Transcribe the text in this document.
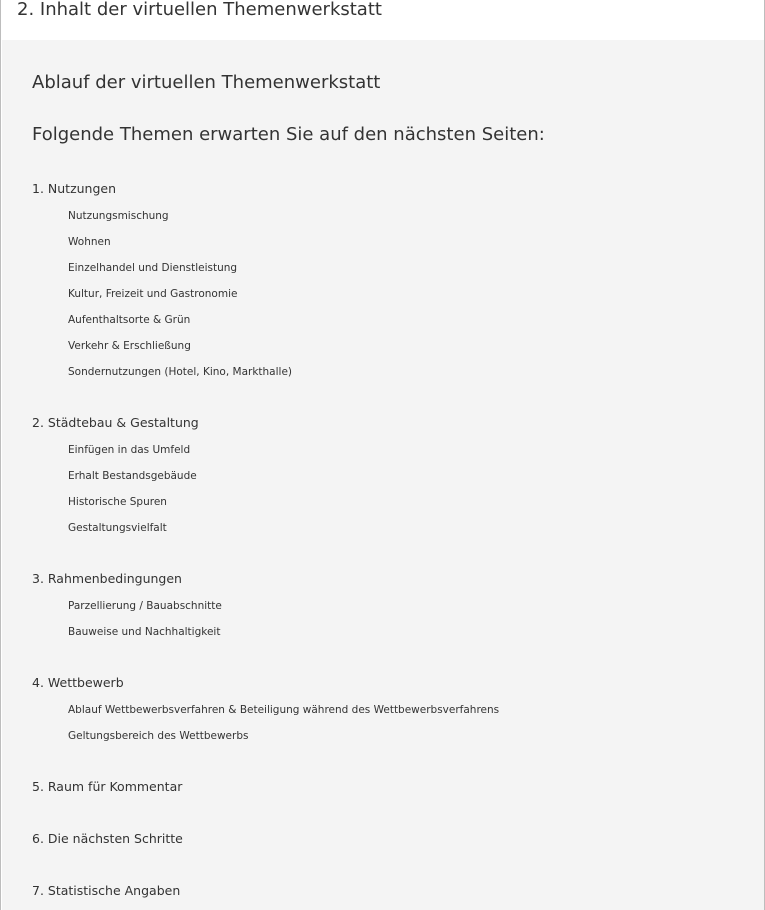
2. Inhalt der virtuellen Themenwerkstatt
Ablauf der virtuellen Themenwerkstatt
Folgende Themen erwarten Sie auf den nächsten Seiten:
1. Nutzungen
Nutzungsmischung
Wohnen
Einzelhandel und Dienstleistung
Kultur, Freizeit und Gastronomie
Aufenthaltsorte & Grün
Verkehr & Erschließung
Sondernutzungen (Hotel, Kino, Markthalle)
2. Städtebau & Gestaltung
Einfügen in das Umfeld
Erhalt Bestandsgebäude
Historische Spuren
Gestaltungsvielfalt
3. Rahmenbedingungen
Parzellierung / Bauabschnitte
Bauweise und Nachhaltigkeit
4. Wettbewerb
Ablauf Wettbewerbsverfahren & Beteiligung während des Wettbewerbsverfahrens
Geltungsbereich des Wettbewerbs
5. Raum für Kommentar
6. Die nächsten Schritte
7. Statistische Angaben
